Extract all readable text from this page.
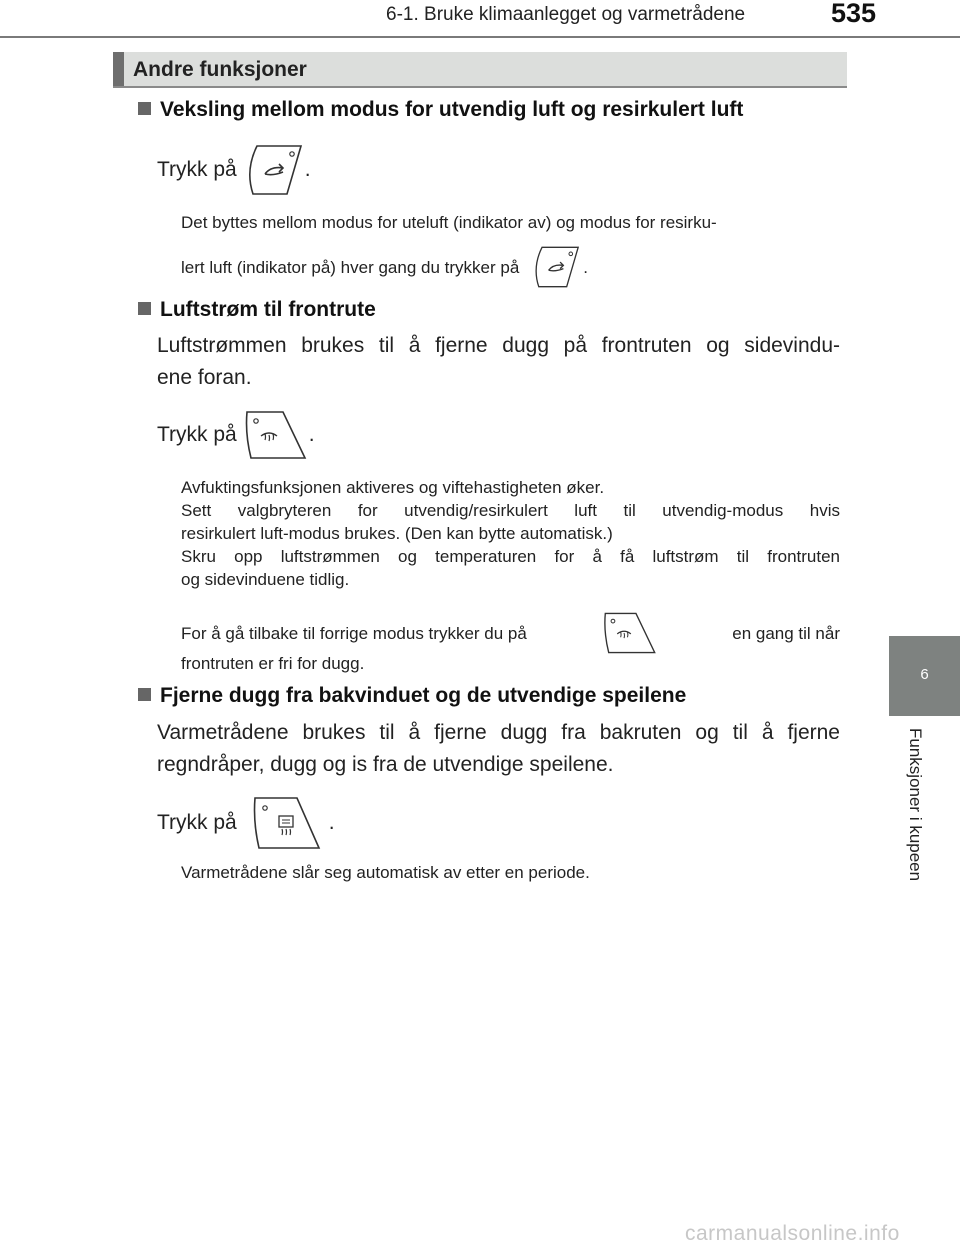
6-1. Bruke klimaanlegget og varmetrådene	535
Andre funksjoner
6
Funksjoner i kupeen
Veksling mellom modus for utvendig luft og resirkulert luft
Trykk på	.
Det byttes mellom modus for uteluft (indikator av) og modus for resirku-
lert luft (indikator på) hver gang du trykker på	.
Luftstrøm til frontrute
Luftstrømmen brukes til å fjerne dugg på frontruten og sidevindu-
ene foran.
Trykk på	.
Avfuktingsfunksjonen aktiveres og viftehastigheten øker.
Sett valgbryteren for utvendig/resirkulert luft til utvendig-modus hvis
resirkulert luft-modus brukes. (Den kan bytte automatisk.)
Skru opp luftstrømmen og temperaturen for å få luftstrøm til frontruten
og sidevinduene tidlig.
For å gå tilbake til forrige modus trykker du på	en gang til når
frontruten er fri for dugg.
Fjerne dugg fra bakvinduet og de utvendige speilene
Varmetrådene brukes til å fjerne dugg fra bakruten og til å fjerne
regndråper, dugg og is fra de utvendige speilene.
Trykk på	.
Varmetrådene slår seg automatisk av etter en periode.
carmanualsonline.info
